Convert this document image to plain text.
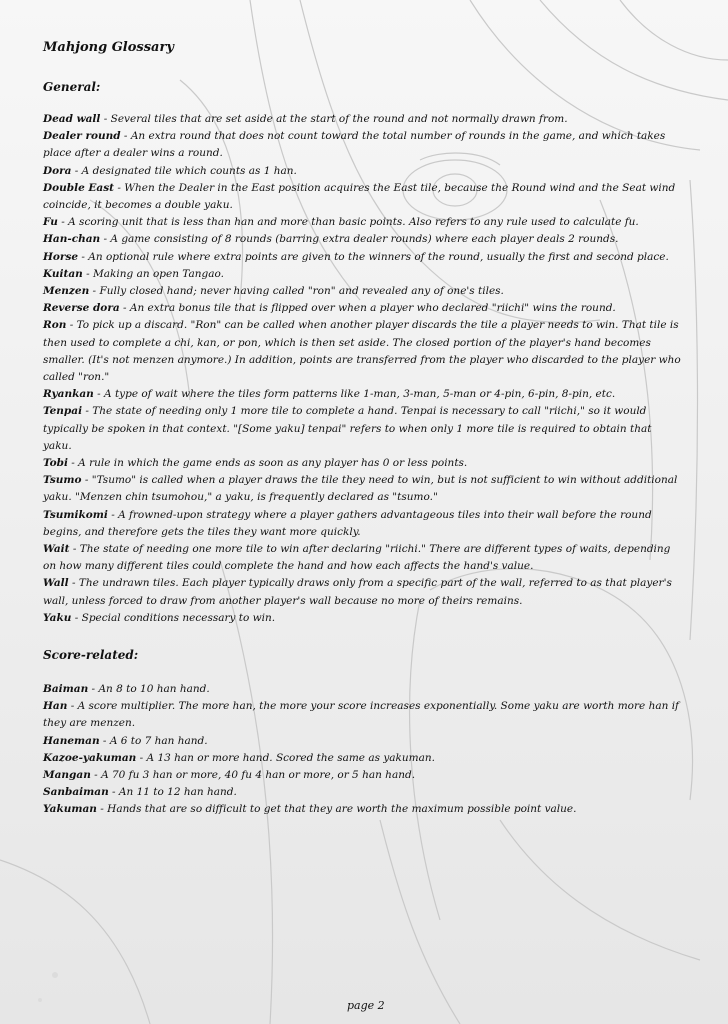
Mahjong Glossary
General:

Dead wall - Several tiles that are set aside at the start of the round and not normally drawn from.

Dealer round - An extra round that does not count toward the total number of rounds in the game, and which takes place after a dealer wins a round.

Dora - A designated tile which counts as 1 han.

Double East - When the Dealer in the East position acquires the East tile, because the Round wind and the Seat wind coincide, it becomes a double yaku.

Fu - A scoring unit that is less than han and more than basic points. Also refers to any rule used to calculate fu.

Han-chan - A game consisting of 8 rounds (barring extra dealer rounds) where each player deals 2 rounds.

Horse - An optional rule where extra points are given to the winners of the round, usually the first and second place.

Kuitan - Making an open Tangao.

Menzen - Fully closed hand; never having called "ron" and revealed any of one's tiles.

Reverse dora - An extra bonus tile that is flipped over when a player who declared "riichi" wins the round.

Ron - To pick up a discard. "Ron" can be called when another player discards the tile a player needs to win. That tile is then used to complete a chi, kan, or pon, which is then set aside. The closed portion of the player's hand becomes smaller. (It's not menzen anymore.) In addition, points are transferred from the player who discarded to the player who called "ron."

Ryankan - A type of wait where the tiles form patterns like 1-man, 3-man, 5-man or 4-pin, 6-pin, 8-pin, etc.

Tenpai - The state of needing only 1 more tile to complete a hand. Tenpai is necessary to call "riichi," so it would typically be spoken in that context. "[Some yaku] tenpai" refers to when only 1 more tile is required to obtain that yaku.

Tobi - A rule in which the game ends as soon as any player has 0 or less points.

Tsumo - "Tsumo" is called when a player draws the tile they need to win, but is not sufficient to win without additional yaku. "Menzen chin tsumohou," a yaku, is frequently declared as "tsumo."

Tsumikomi - A frowned-upon strategy where a player gathers advantageous tiles into their wall before the round begins, and therefore gets the tiles they want more quickly.

Wait - The state of needing one more tile to win after declaring "riichi." There are different types of waits, depending on how many different tiles could complete the hand and how each affects the hand's value.

Wall - The undrawn tiles. Each player typically draws only from a specific part of the wall, referred to as that player's wall, unless forced to draw from another player's wall because no more of theirs remains.

Yaku - Special conditions necessary to win.

Score-related:

Baiman - An 8 to 10 han hand.

Han - A score multiplier. The more han, the more your score increases exponentially. Some yaku are worth more han if they are menzen.

Haneman - A 6 to 7 han hand.

Kazoe-yakuman - A 13 han or more hand. Scored the same as yakuman.

Mangan - A 70 fu 3 han or more, 40 fu 4 han or more, or 5 han hand.

Sanbaiman - An 11 to 12 han hand.

Yakuman - Hands that are so difficult to get that they are worth the maximum possible point value.

page 2
